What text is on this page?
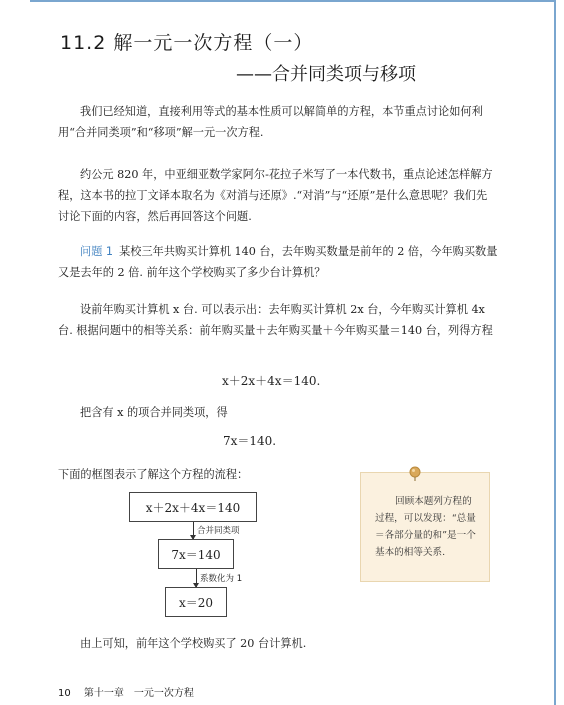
11.2 解一元一次方程（一）
——合并同类项与移项

我们已经知道，直接利用等式的基本性质可以解简单的方程，本节重点讨论如何利用“合并同类项”和“移项”解一元一次方程.

约公元 820 年，中亚细亚数学家阿尔-花拉子米写了一本代数书，重点论述怎样解方程，这本书的拉丁文译本取名为《对消与还原》.“对消”与“还原”是什么意思呢？我们先讨论下面的内容，然后再回答这个问题.

问题 1 某校三年共购买计算机 140 台，去年购买数量是前年的 2 倍，今年购买数量又是去年的 2 倍. 前年这个学校购买了多少台计算机？

设前年购买计算机 x 台. 可以表示出：去年购买计算机 2x 台，今年购买计算机 4x 台. 根据问题中的相等关系：前年购买量＋去年购买量＋今年购买量＝140 台，列得方程

x＋2x＋4x＝140.

把含有 x 的项合并同类项，得

7x＝140.

下面的框图表示了解这个方程的流程：

x＋2x＋4x＝140
合并同类项
7x＝140
系数化为 1
x＝20
回顾本题列方程的过程，可以发现：“总量＝各部分量的和”是一个基本的相等关系.

由上可知，前年这个学校购买了 20 台计算机.

10 第十一章　一元一次方程
